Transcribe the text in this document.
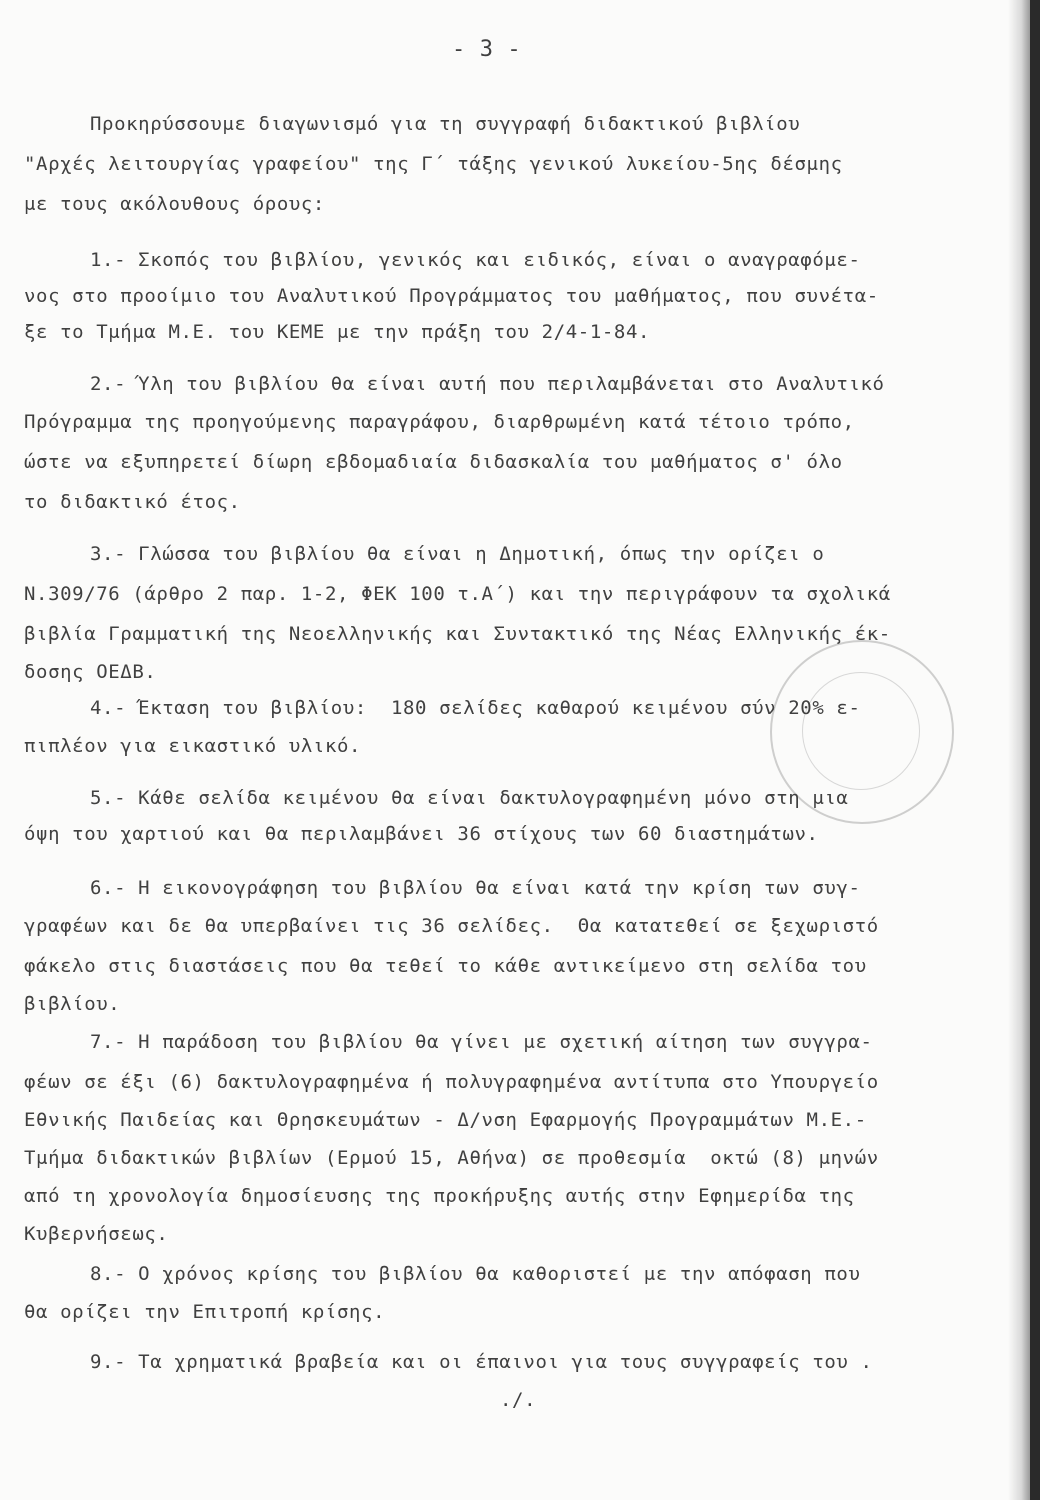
- 3 -
Προκηρύσσουμε διαγωνισμό για τη συγγραφή διδακτικού βιβλίου
"Αρχές λειτουργίας γραφείου" της Γ΄ τάξης γενικού λυκείου-5ης δέσμης
με τους ακόλουθους όρους:
1.- Σκοπός του βιβλίου, γενικός και ειδικός, είναι ο αναγραφόμε-
νος στο προοίμιο του Αναλυτικού Προγράμματος του μαθήματος, που συνέτα-
ξε το Τμήμα Μ.Ε. του ΚΕΜΕ με την πράξη του 2/4-1-84.
2.- Ύλη του βιβλίου θα είναι αυτή που περιλαμβάνεται στο Αναλυτικό
Πρόγραμμα της προηγούμενης παραγράφου, διαρθρωμένη κατά τέτοιο τρόπο,
ώστε να εξυπηρετεί δίωρη εβδομαδιαία διδασκαλία του μαθήματος σ' όλο
το διδακτικό έτος.
3.- Γλώσσα του βιβλίου θα είναι η Δημοτική, όπως την ορίζει ο
Ν.309/76 (άρθρο 2 παρ. 1-2, ΦΕΚ 100 τ.Α΄) και την περιγράφουν τα σχολικά
βιβλία Γραμματική της Νεοελληνικής και Συντακτικό της Νέας Ελληνικής έκ-
δοσης ΟΕΔΒ.
4.- Έκταση του βιβλίου:  180 σελίδες καθαρού κειμένου σύν 20% ε-
πιπλέον για εικαστικό υλικό.
5.- Κάθε σελίδα κειμένου θα είναι δακτυλογραφημένη μόνο στη μια
όψη του χαρτιού και θα περιλαμβάνει 36 στίχους των 60 διαστημάτων.
6.- Η εικονογράφηση του βιβλίου θα είναι κατά την κρίση των συγ-
γραφέων και δε θα υπερβαίνει τις 36 σελίδες.  Θα κατατεθεί σε ξεχωριστό
φάκελο στις διαστάσεις που θα τεθεί το κάθε αντικείμενο στη σελίδα του
βιβλίου.
7.- Η παράδοση του βιβλίου θα γίνει με σχετική αίτηση των συγγρα-
φέων σε έξι (6) δακτυλογραφημένα ή πολυγραφημένα αντίτυπα στο Υπουργείο
Εθνικής Παιδείας και Θρησκευμάτων - Δ/νση Εφαρμογής Προγραμμάτων Μ.Ε.-
Τμήμα διδακτικών βιβλίων (Ερμού 15, Αθήνα) σε προθεσμία  οκτώ (8) μηνών
από τη χρονολογία δημοσίευσης της προκήρυξης αυτής στην Εφημερίδα της
Κυβερνήσεως.
8.- Ο χρόνος κρίσης του βιβλίου θα καθοριστεί με την απόφαση που
θα ορίζει την Επιτροπή κρίσης.
9.- Τα χρηματικά βραβεία και οι έπαινοι για τους συγγραφείς του .
./.
